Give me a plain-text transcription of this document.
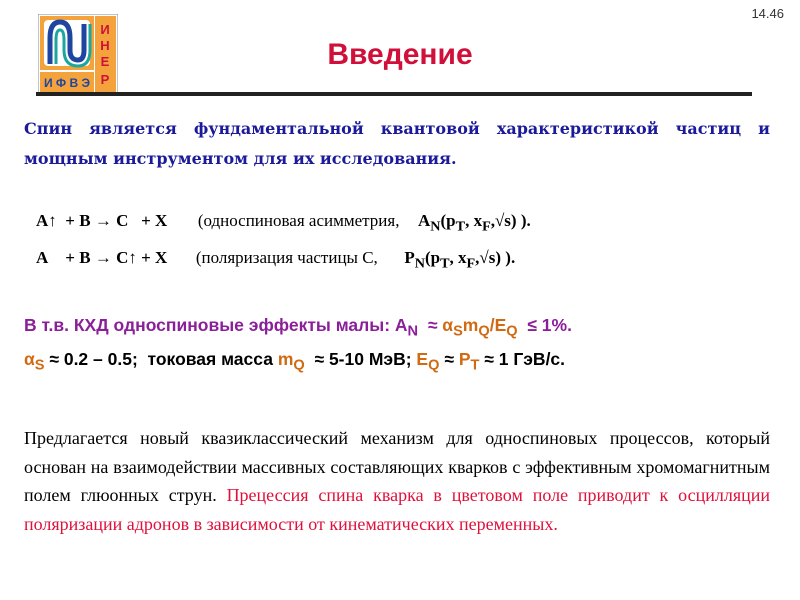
14.46
И
Н
Е
Р
И Ф В Э
Введение
Спин является фундаментальной квантовой характеристикой частиц и мощным инструментом для их исследования.
A↑ + B → C + X (односпиновая асимметрия, $A_N(p_T$, $x_F,√s$) ).
A + B → C↑ + X (поляризация частицы C, $P_N(p_T$, $x_F,√s$) ).
В т.в. КХД односпиновые эффекты малы: $A_N \approx \alpha_Sm_Q/E_Q \le 1\%$.
$\alpha_S \approx 0.2 - 0.5$; токовая масса $m_Q \approx 5-10$ МэВ; $E_Q \approx P_T \approx 1$ ГэВ/с.
Предлагается новый квазиклассический механизм для односпиновых процессов, который основан на взаимодействии массивных составляющих кварков с эффективным хромомагнитным полем глюонных струн. Прецессия спина кварка в цветовом поле приводит к осцилляции поляризации адронов в зависимости от кинематических переменных.
